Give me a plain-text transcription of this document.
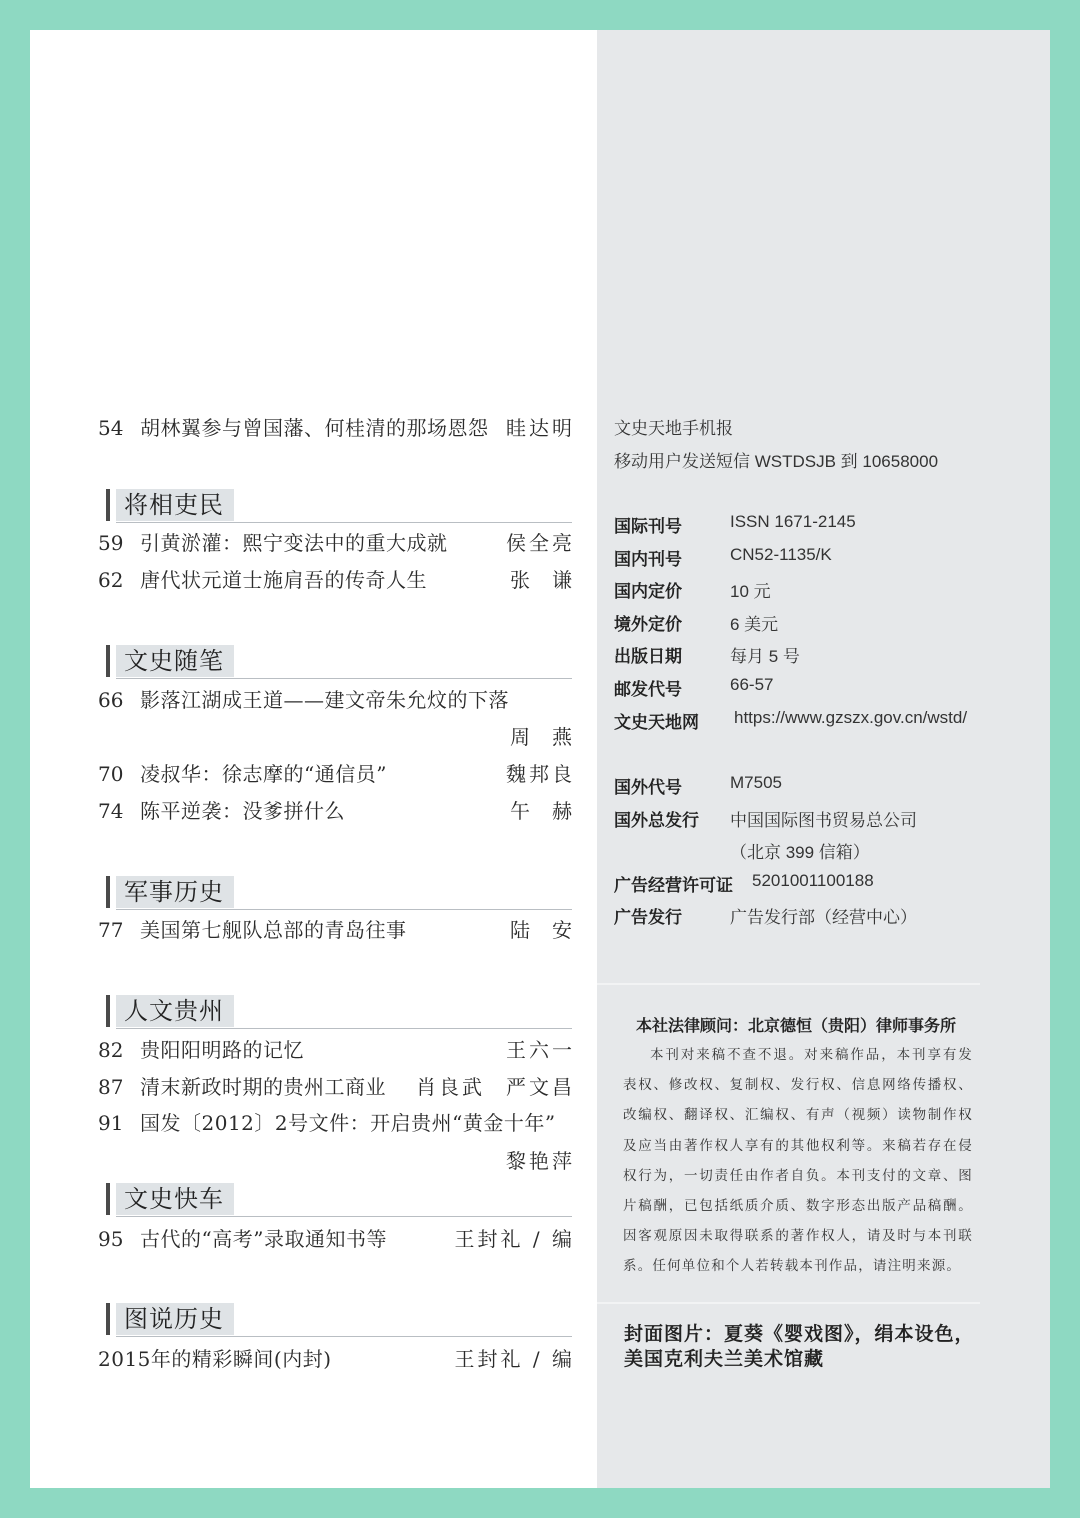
54 胡林翼参与曾国藩、何桂清的那场恩怨 眭达明
将相吏民
59 引黄淤灌：熙宁变法中的重大成就	侯全亮
62 唐代状元道士施肩吾的传奇人生	张谦
文史随笔
66 影落江湖成王道——建文帝朱允炆的下落
周燕
70 凌叔华：徐志摩的“通信员”	魏邦良
74 陈平逆袭：没爹拼什么	午赫
军事历史
77 美国第七舰队总部的青岛往事	陆安
人文贵州
82 贵阳阳明路的记忆	王六一
87 清末新政时期的贵州工商业 肖良武 严文昌
91 国发〔2012〕2号文件：开启贵州“黄金十年”
黎艳萍
文史快车
95 古代的“高考”录取通知书等	王封礼 / 编
图说历史
2015年的精彩瞬间(内封)	王封礼 / 编
文史天地手机报
移动用户发送短信 WSTDSJB 到 10658000
国际刊号	ISSN 1671-2145
国内刊号	CN52-1135/K
国内定价	10 元
境外定价	6 美元
出版日期	每月 5 号
邮发代号	66-57
文史天地网 https://www.gzszx.gov.cn/wstd/
国外代号	M7505
国外总发行 中国国际图书贸易总公司
（北京 399 信箱）
广告经营许可证 5201001100188
广告发行	广告发行部（经营中心）
本社法律顾问：北京德恒（贵阳）律师事务所
本刊对来稿不查不退。对来稿作品，本刊享有发表权、修改权、复制权、发行权、信息网络传播权、改编权、翻译权、汇编权、有声（视频）读物制作权及应当由著作权人享有的其他权利等。来稿若存在侵权行为，一切责任由作者自负。本刊支付的文章、图片稿酬，已包括纸质介质、数字形态出版产品稿酬。因客观原因未取得联系的著作权人，请及时与本刊联系。任何单位和个人若转载本刊作品，请注明来源。
封面图片：夏葵《婴戏图》，绢本设色，
美国克利夫兰美术馆藏
